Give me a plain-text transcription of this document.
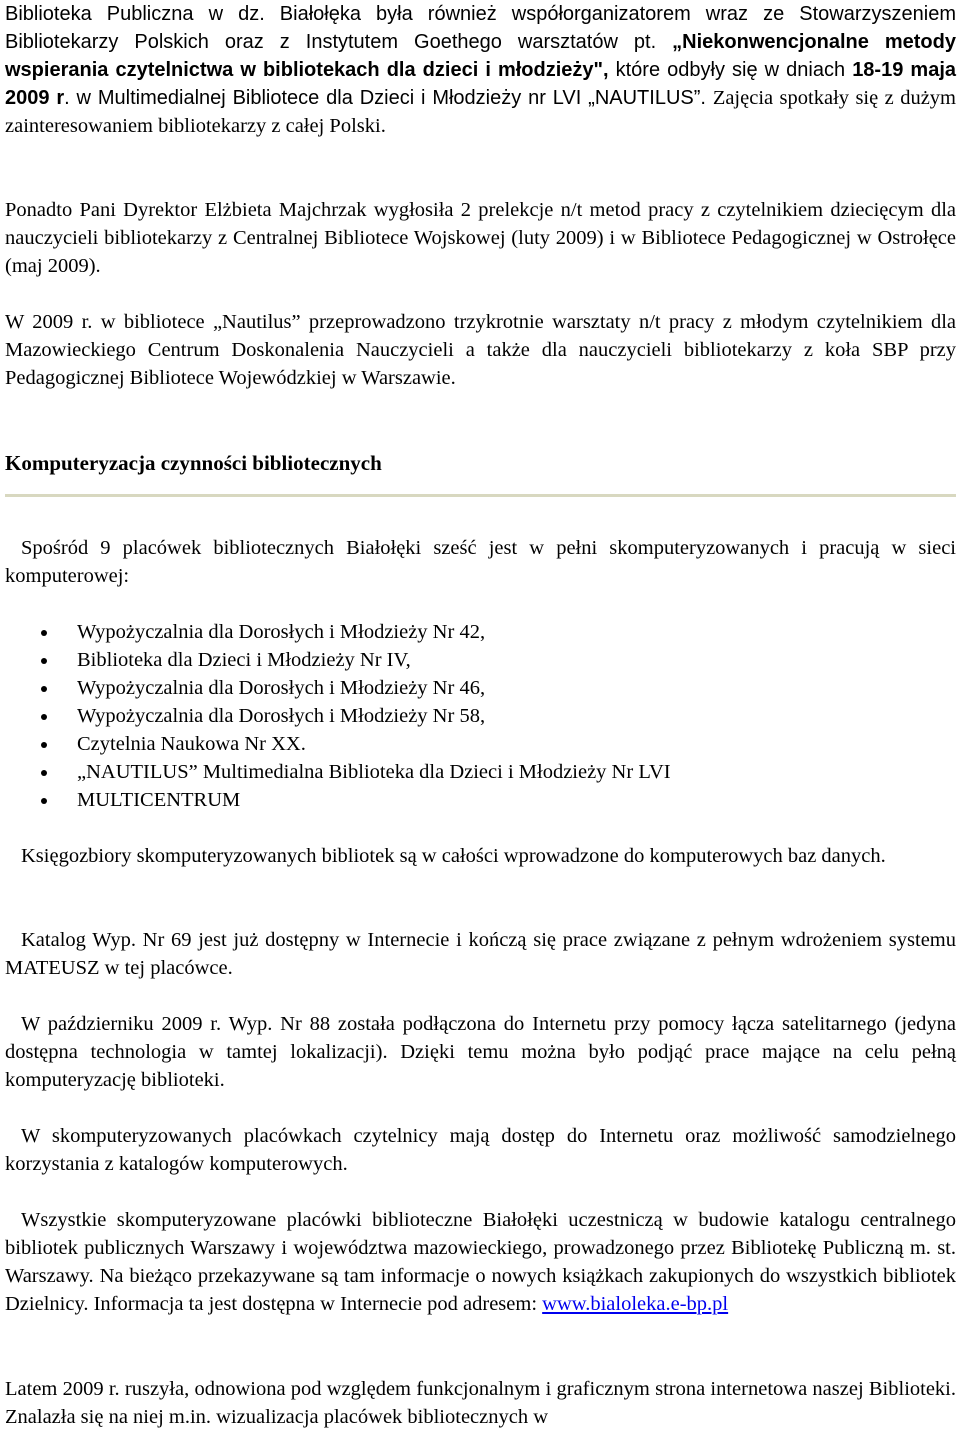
Biblioteka Publiczna w dz. Białołęka była również współorganizatorem wraz ze Stowarzyszeniem Bibliotekarzy Polskich oraz z Instytutem Goethego warsztatów pt. „Niekonwencjonalne metody wspierania czytelnictwa w bibliotekach dla dzieci i młodzieży", które odbyły się w dniach 18-19 maja 2009 r. w Multimedialnej Bibliotece dla Dzieci i Młodzieży nr LVI „NAUTILUS”. Zajęcia spotkały się z dużym zainteresowaniem bibliotekarzy z całej Polski.

Ponadto Pani Dyrektor Elżbieta Majchrzak wygłosiła 2 prelekcje n/t metod pracy z czytelnikiem dziecięcym dla nauczycieli bibliotekarzy z Centralnej Bibliotece Wojskowej (luty 2009) i w Bibliotece Pedagogicznej w Ostrołęce (maj 2009).

W 2009 r. w bibliotece „Nautilus” przeprowadzono trzykrotnie warsztaty n/t pracy z młodym czytelnikiem dla Mazowieckiego Centrum Doskonalenia Nauczycieli a także dla nauczycieli bibliotekarzy z koła SBP przy Pedagogicznej Bibliotece Wojewódzkiej w Warszawie.

Komputeryzacja czynności bibliotecznych

Spośród 9 placówek bibliotecznych Białołęki sześć jest w pełni skomputeryzowanych i pracują w sieci komputerowej:

Wypożyczalnia dla Dorosłych i Młodzieży Nr 42,
Biblioteka dla Dzieci i Młodzieży Nr IV,
Wypożyczalnia dla Dorosłych i Młodzieży Nr 46,
Wypożyczalnia dla Dorosłych i Młodzieży Nr 58,
Czytelnia Naukowa Nr XX.
„NAUTILUS” Multimedialna Biblioteka dla Dzieci i Młodzieży Nr LVI
MULTICENTRUM

Księgozbiory skomputeryzowanych bibliotek są w całości wprowadzone do komputerowych baz danych.

Katalog Wyp. Nr 69 jest już dostępny w Internecie i kończą się prace związane z pełnym wdrożeniem systemu MATEUSZ w tej placówce.

W październiku 2009 r. Wyp. Nr 88 została podłączona do Internetu przy pomocy łącza satelitarnego (jedyna dostępna technologia w tamtej lokalizacji). Dzięki temu można było podjąć prace mające na celu pełną komputeryzację biblioteki.

W skomputeryzowanych placówkach czytelnicy mają dostęp do Internetu oraz możliwość samodzielnego korzystania z katalogów komputerowych.

Wszystkie skomputeryzowane placówki biblioteczne Białołęki uczestniczą w budowie katalogu centralnego bibliotek publicznych Warszawy i województwa mazowieckiego, prowadzonego przez Bibliotekę Publiczną m. st. Warszawy. Na bieżąco przekazywane są tam informacje o nowych książkach zakupionych do wszystkich bibliotek Dzielnicy. Informacja ta jest dostępna w Internecie pod adresem: www.bialoleka.e-bp.pl

Latem 2009 r. ruszyła, odnowiona pod względem funkcjonalnym i graficznym strona internetowa naszej Biblioteki. Znalazła się na niej m.in. wizualizacja placówek bibliotecznych w
